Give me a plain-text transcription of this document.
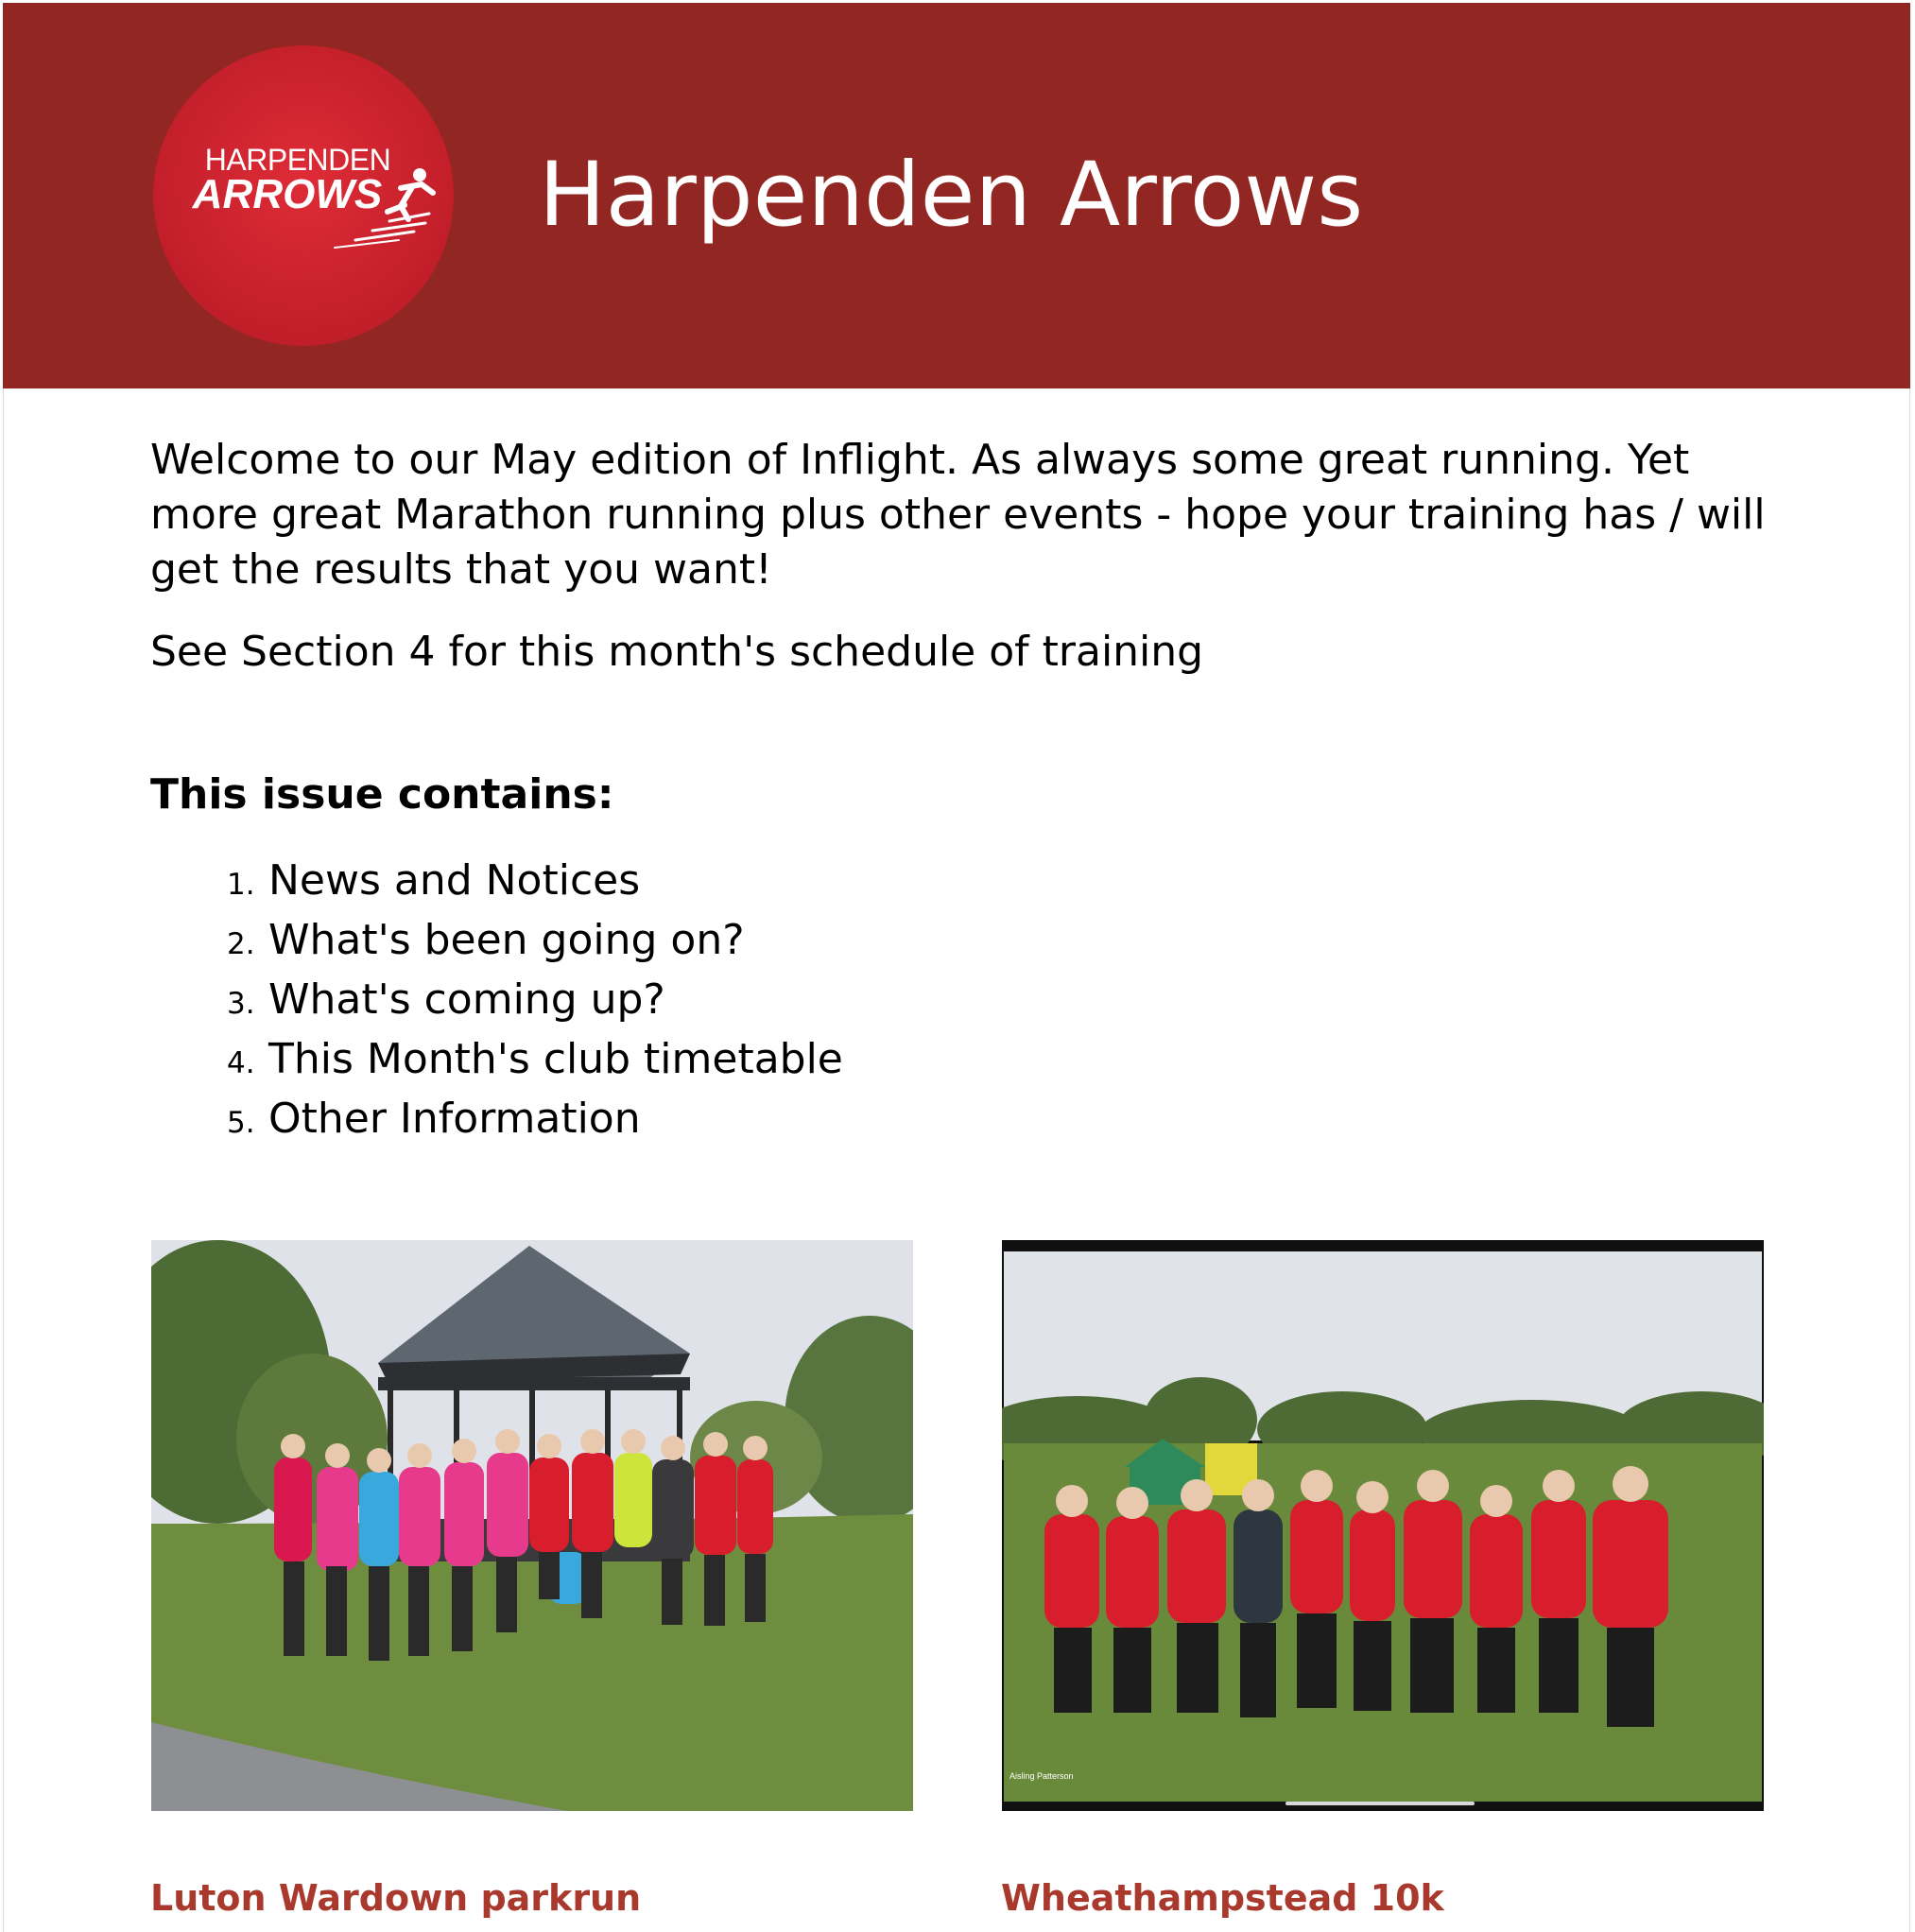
HARPENDEN
ARROWS Harpenden Arrows

Welcome to our May edition of Inflight. As always some great running. Yet more great Marathon running plus other events - hope your training has / will get the results that you want!

See Section 4 for this month's schedule of training

This issue contains:
1. News and Notices
2. What's been going on?
3. What's coming up?
4. This Month's club timetable
5. Other Information
Aisling Patterson
Luton Wardown parkrun	Wheathampstead 10k
